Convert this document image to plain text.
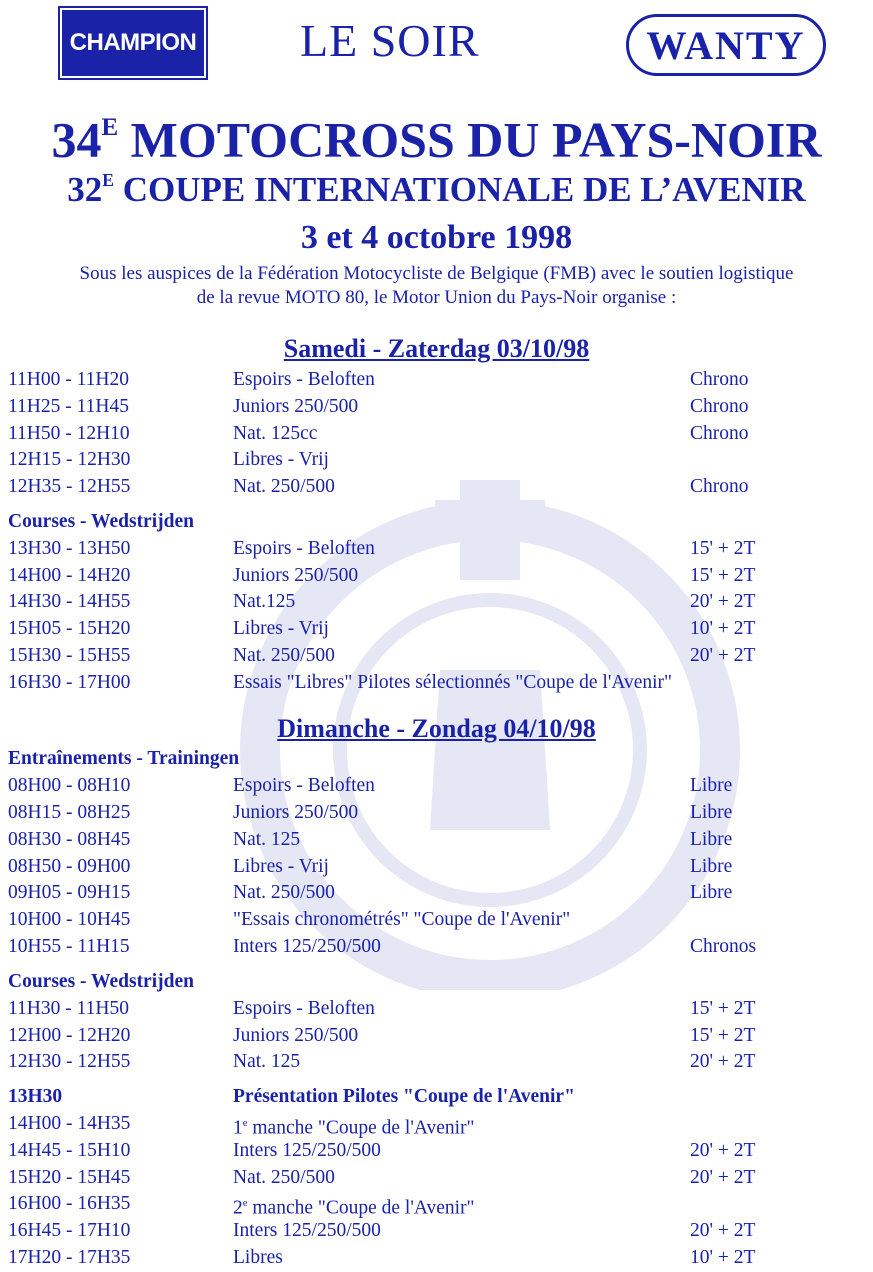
CHAMPION
®
LE SOIR	WANTY
$34^E$ MOTOCROSS DU PAYS-NOIR
$32^E$ COUPE INTERNATIONALE DE L’AVENIR
3 et 4 octobre 1998
Sous les auspices de la Fédération Motocycliste de Belgique (FMB) avec le soutien logistique
de la revue MOTO 80, le Motor Union du Pays-Noir organise :
Samedi - Zaterdag 03/10/98
11H00 - 11H20	Espoirs - Beloften	Chrono
11H25 - 11H45	Juniors 250/500	Chrono
11H50 - 12H10	Nat. 125cc	Chrono
12H15 - 12H30	Libres - Vrij
12H35 - 12H55	Nat. 250/500	Chrono
Courses - Wedstrijden
13H30 - 13H50	Espoirs - Beloften	15' + 2T
14H00 - 14H20	Juniors 250/500	15' + 2T
14H30 - 14H55	Nat.125	20' + 2T
15H05 - 15H20	Libres - Vrij	10' + 2T
15H30 - 15H55	Nat. 250/500	20' + 2T
16H30 - 17H00	Essais "Libres" Pilotes sélectionnés "Coupe de l'Avenir"
Dimanche - Zondag 04/10/98
Entraînements - Trainingen
08H00 - 08H10	Espoirs - Beloften	Libre
08H15 - 08H25	Juniors 250/500	Libre
08H30 - 08H45	Nat. 125	Libre
08H50 - 09H00	Libres - Vrij	Libre
09H05 - 09H15	Nat. 250/500	Libre
10H00 - 10H45	"Essais chronométrés" "Coupe de l'Avenir"
10H55 - 11H15	Inters 125/250/500	Chronos
Courses - Wedstrijden
11H30 - 11H50	Espoirs - Beloften	15' + 2T
12H00 - 12H20	Juniors 250/500	15' + 2T
12H30 - 12H55	Nat. 125	20' + 2T
13H30	Présentation Pilotes "Coupe de l'Avenir"
14H00 - 14H35	1e manche "Coupe de l'Avenir"
14H45 - 15H10	Inters 125/250/500	20' + 2T
15H20 - 15H45	Nat. 250/500	20' + 2T
16H00 - 16H35	2e manche "Coupe de l'Avenir"
16H45 - 17H10	Inters 125/250/500	20' + 2T
17H20 - 17H35	Libres	10' + 2T
